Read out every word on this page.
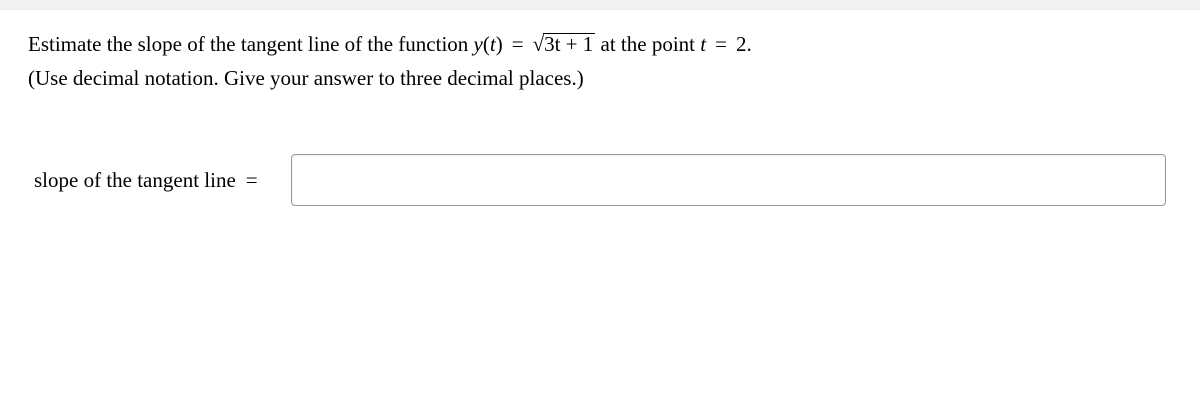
Estimate the slope of the tangent line of the function y(t) = √3t + 1 at the point t = 2.
(Use decimal notation. Give your answer to three decimal places.)
slope of the tangent line =
